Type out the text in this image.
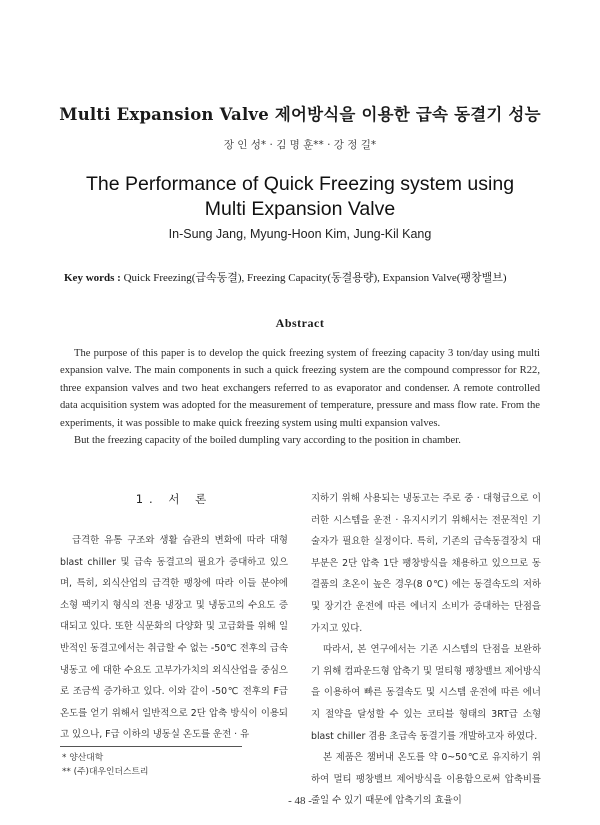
Multi Expansion Valve 제어방식을 이용한 급속 동결기 성능
장 인 성* · 김 명 훈** · 강 정 길*
The Performance of Quick Freezing system using
Multi Expansion Valve
In-Sung Jang, Myung-Hoon Kim, Jung-Kil Kang
Key words : Quick Freezing(급속동결), Freezing Capacity(동결용량), Expansion Valve(팽창밸브)
Abstract

The purpose of this paper is to develop the quick freezing system of freezing capacity 3 ton/day using multi expansion valve. The main components in such a quick freezing system are the compound compressor for R22, three expansion valves and two heat exchangers referred to as evaporator and condenser. A remote controlled data acquisition system was adopted for the measurement of temperature, pressure and mass flow rate. From the experiments, it was possible to make quick freezing system using multi expansion valves.

But the freezing capacity of the boiled dumpling vary according to the position in chamber.

1. 서 론

급격한 유통 구조와 생활 습관의 변화에 따라 대형 blast chiller 및 급속 동결고의 필요가 증대하고 있으며, 특히, 외식산업의 급격한 팽창에 따라 이들 분야에 소형 팩키지 형식의 전용 냉장고 및 냉동고의 수요도 증대되고 있다. 또한 식문화의 다양화 및 고급화를 위해 일반적인 동결고에서는 취급할 수 없는 -50℃ 전후의 급속 냉동고 에 대한 수요도 고부가가치의 외식산업을 중심으로 조금씩 증가하고 있다. 이와 같이 -50℃ 전후의 F급 온도를 얻기 위해서 일반적으로 2단 압축 방식이 이용되고 있으나, F급 이하의 냉동실 온도를 운전 · 유

지하기 위해 사용되는 냉동고는 주로 중 · 대형급으로 이러한 시스템을 운전 · 유지시키기 위해서는 전문적인 기술자가 필요한 실정이다. 특히, 기존의 급속동결장치 대부분은 2단 압축 1단 팽창방식을 채용하고 있으므로 동결품의 초온이 높은 경우(8 0℃) 에는 동결속도의 저하 및 장기간 운전에 따른 에너지 소비가 증대하는 단점을 가지고 있다.

따라서, 본 연구에서는 기존 시스템의 단점을 보완하기 위해 컴파운드형 압축기 및 멀티형 팽창밸브 제어방식을 이용하여 빠른 동결속도 및 시스템 운전에 따른 에너지 절약을 달성할 수 있는 코티블 형태의 3RT급 소형 blast chiller 겸용 초급속 동결기를 개발하고자 하였다.

본 제품은 챔버내 온도를 약 0~50℃로 유지하기 위하여 멀티 팽창밸브 제어방식을 이용함으로써 압축비를 줄일 수 있기 때문에 압축기의 효율이

* 양산대학
** (주)대우인더스트리
- 48 -
